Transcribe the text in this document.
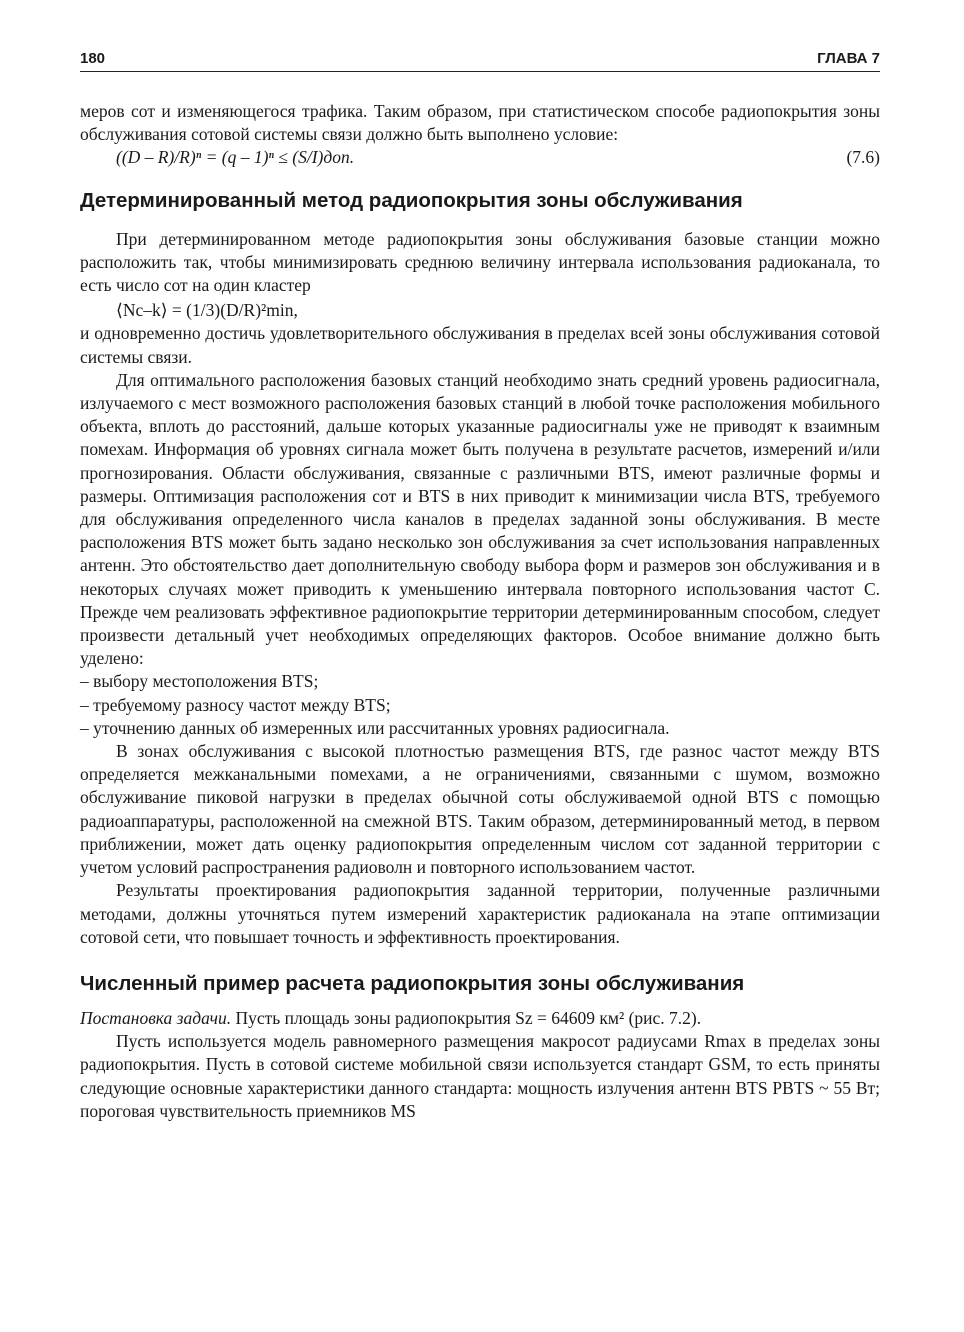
180	ГЛАВА 7

меров сот и изменяющегося трафика. Таким образом, при статистическом способе радиопокрытия зоны обслуживания сотовой системы связи должно быть выполнено условие:

((D – R)/R)ⁿ = (q – 1)ⁿ ≤ (S/I)доп.	(7.6)
Детерминированный метод радиопокрытия зоны обслуживания

При детерминированном методе радиопокрытия зоны обслуживания базовые станции можно расположить так, чтобы минимизировать среднюю величину интервала использования радиоканала, то есть число сот на один кластер

⟨Nc–k⟩ = (1/3)(D/R)²min,

и одновременно достичь удовлетворительного обслуживания в пределах всей зоны обслуживания сотовой системы связи.

Для оптимального расположения базовых станций необходимо знать средний уровень радиосигнала, излучаемого с мест возможного расположения базовых станций в любой точке расположения мобильного объекта, вплоть до расстояний, дальше которых указанные радиосигналы уже не приводят к взаимным помехам. Информация об уровнях сигнала может быть получена в результате расчетов, измерений и/или прогнозирования. Области обслуживания, связанные с различными BTS, имеют различные формы и размеры. Оптимизация расположения сот и BTS в них приводит к минимизации числа BTS, требуемого для обслуживания определенного числа каналов в пределах заданной зоны обслуживания. В месте расположения BTS может быть задано несколько зон обслуживания за счет использования направленных антенн. Это обстоятельство дает дополнительную свободу выбора форм и размеров зон обслуживания и в некоторых случаях может приводить к уменьшению интервала повторного использования частот C. Прежде чем реализовать эффективное радиопокрытие территории детерминированным способом, следует произвести детальный учет необходимых определяющих факторов. Особое внимание должно быть уделено:

– выбору местоположения BTS;

– требуемому разносу частот между BTS;

– уточнению данных об измеренных или рассчитанных уровнях радиосигнала.

В зонах обслуживания с высокой плотностью размещения BTS, где разнос частот между BTS определяется межканальными помехами, а не ограничениями, связанными с шумом, возможно обслуживание пиковой нагрузки в пределах обычной соты обслуживаемой одной BTS с помощью радиоаппаратуры, расположенной на смежной BTS. Таким образом, детерминированный метод, в первом приближении, может дать оценку радиопокрытия определенным числом сот заданной территории с учетом условий распространения радиоволн и повторного использованием частот.

Результаты проектирования радиопокрытия заданной территории, полученные различными методами, должны уточняться путем измерений характеристик радиоканала на этапе оптимизации сотовой сети, что повышает точность и эффективность проектирования.

Численный пример расчета радиопокрытия зоны обслуживания

Постановка задачи. Пусть площадь зоны радиопокрытия Sz = 64609 км² (рис. 7.2).

Пусть используется модель равномерного размещения макросот радиусами Rmax в пределах зоны радиопокрытия. Пусть в сотовой системе мобильной связи используется стандарт GSM, то есть приняты следующие основные характеристики данного стандарта: мощность излучения антенн BTS PBTS ~ 55 Вт; пороговая чувствительность приемников MS
